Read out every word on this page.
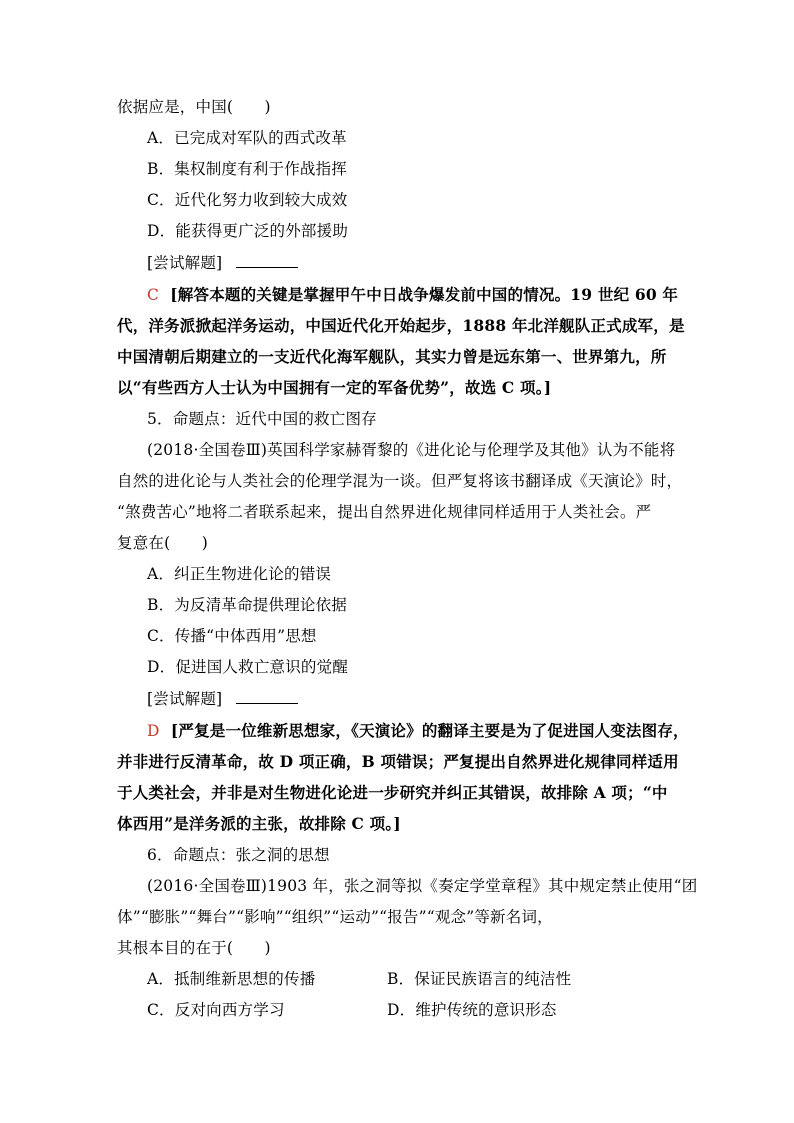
依据应是，中国(　　)
A．已完成对军队的西式改革
B．集权制度有利于作战指挥
C．近代化努力收到较大成效
D．能获得更广泛的外部援助
[尝试解题]
C [解答本题的关键是掌握甲午中日战争爆发前中国的情况。19 世纪 60 年
代，洋务派掀起洋务运动，中国近代化开始起步，1888 年北洋舰队正式成军，是
中国清朝后期建立的一支近代化海军舰队，其实力曾是远东第一、世界第九，所
以“有些西方人士认为中国拥有一定的军备优势”，故选 C 项。]
5．命题点：近代中国的救亡图存
(2018·全国卷Ⅲ)英国科学家赫胥黎的《进化论与伦理学及其他》认为不能将
自然的进化论与人类社会的伦理学混为一谈。但严复将该书翻译成《天演论》时，
“煞费苦心”地将二者联系起来，提出自然界进化规律同样适用于人类社会。严
复意在(　　)
A．纠正生物进化论的错误
B．为反清革命提供理论依据
C．传播“中体西用”思想
D．促进国人救亡意识的觉醒
[尝试解题]
D [严复是一位维新思想家，《天演论》的翻译主要是为了促进国人变法图存，
并非进行反清革命，故 D 项正确，B 项错误；严复提出自然界进化规律同样适用
于人类社会，并非是对生物进化论进一步研究并纠正其错误，故排除 A 项；“中
体西用”是洋务派的主张，故排除 C 项。]
6．命题点：张之洞的思想
(2016·全国卷Ⅲ)1903 年，张之洞等拟《奏定学堂章程》其中规定禁止使用“团
体”“膨胀”“舞台”“影响”“组织”“运动”“报告”“观念”等新名词，
其根本目的在于(　　)
A．抵制维新思想的传播	B．保证民族语言的纯洁性
C．反对向西方学习	D．维护传统的意识形态
